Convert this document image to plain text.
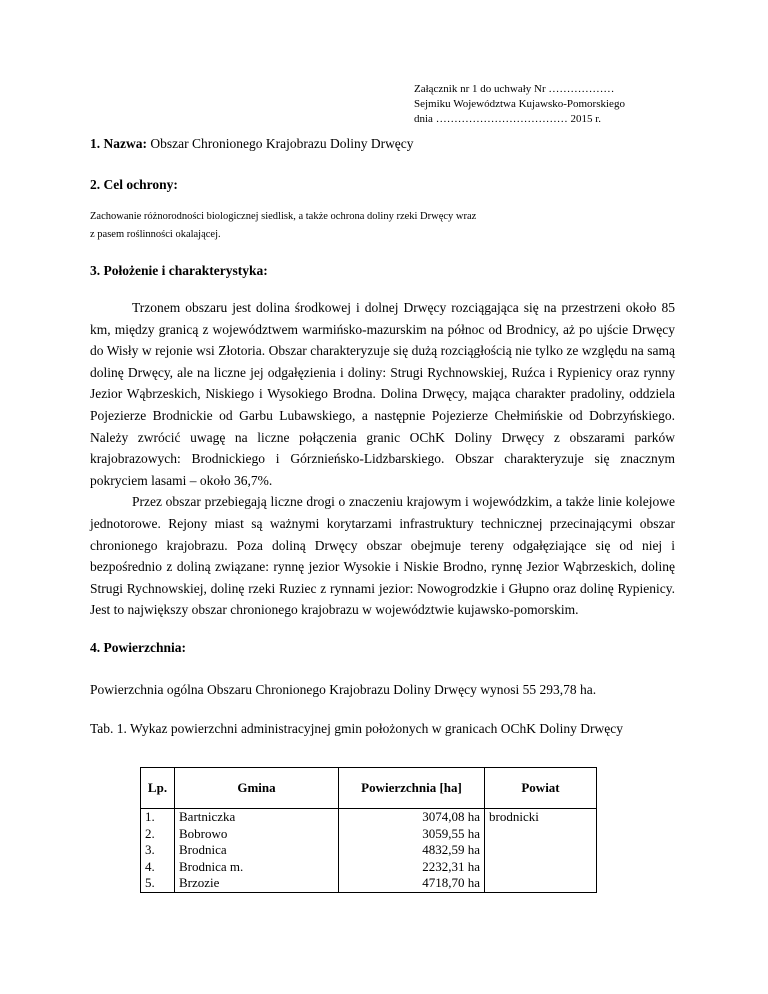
Załącznik nr 1 do uchwały Nr ………………
Sejmiku Województwa Kujawsko-Pomorskiego
dnia ……………………………… 2015 r.
1. Nazwa: Obszar Chronionego Krajobrazu Doliny Drwęcy
2. Cel ochrony:
Zachowanie różnorodności biologicznej siedlisk, a także ochrona doliny rzeki Drwęcy wraz
z pasem roślinności okalającej.
3. Położenie i charakterystyka:

Trzonem obszaru jest dolina środkowej i dolnej Drwęcy rozciągająca się na przestrzeni około 85 km, między granicą z województwem warmińsko-mazurskim na północ od Brodnicy, aż po ujście Drwęcy do Wisły w rejonie wsi Złotoria. Obszar charakteryzuje się dużą rozciągłością nie tylko ze względu na samą dolinę Drwęcy, ale na liczne jej odgałęzienia i doliny: Strugi Rychnowskiej, Ruźca i Rypienicy oraz rynny Jezior Wąbrzeskich, Niskiego i Wysokiego Brodna. Dolina Drwęcy, mająca charakter pradoliny, oddziela Pojezierze Brodnickie od Garbu Lubawskiego, a następnie Pojezierze Chełmińskie od Dobrzyńskiego. Należy zwrócić uwagę na liczne połączenia granic OChK Doliny Drwęcy z obszarami parków krajobrazowych: Brodnickiego i Górznieńsko-Lidzbarskiego. Obszar charakteryzuje się znacznym pokryciem lasami – około 36,7%.

Przez obszar przebiegają liczne drogi o znaczeniu krajowym i wojewódzkim, a także linie kolejowe jednotorowe. Rejony miast są ważnymi korytarzami infrastruktury technicznej przecinającymi obszar chronionego krajobrazu. Poza doliną Drwęcy obszar obejmuje tereny odgałęziające się od niej i bezpośrednio z doliną związane: rynnę jezior Wysokie i Niskie Brodno, rynnę Jezior Wąbrzeskich, dolinę Strugi Rychnowskiej, dolinę rzeki Ruziec z rynnami jezior: Nowogrodzkie i Głupno oraz dolinę Rypienicy. Jest to największy obszar chronionego krajobrazu w województwie kujawsko-pomorskim.

4. Powierzchnia:
Powierzchnia ogólna Obszaru Chronionego Krajobrazu Doliny Drwęcy wynosi 55 293,78 ha.
Tab. 1. Wykaz powierzchni administracyjnej gmin położonych w granicach OChK Doliny Drwęcy
Lp.	Gmina	Powierzchnia [ha]	Powiat
1.	Bartniczka	3074,08 ha	brodnicki
2.	Bobrowo	3059,55 ha	
3.	Brodnica	4832,59 ha	
4.	Brodnica m.	2232,31 ha	
5.	Brzozie	4718,70 ha	
